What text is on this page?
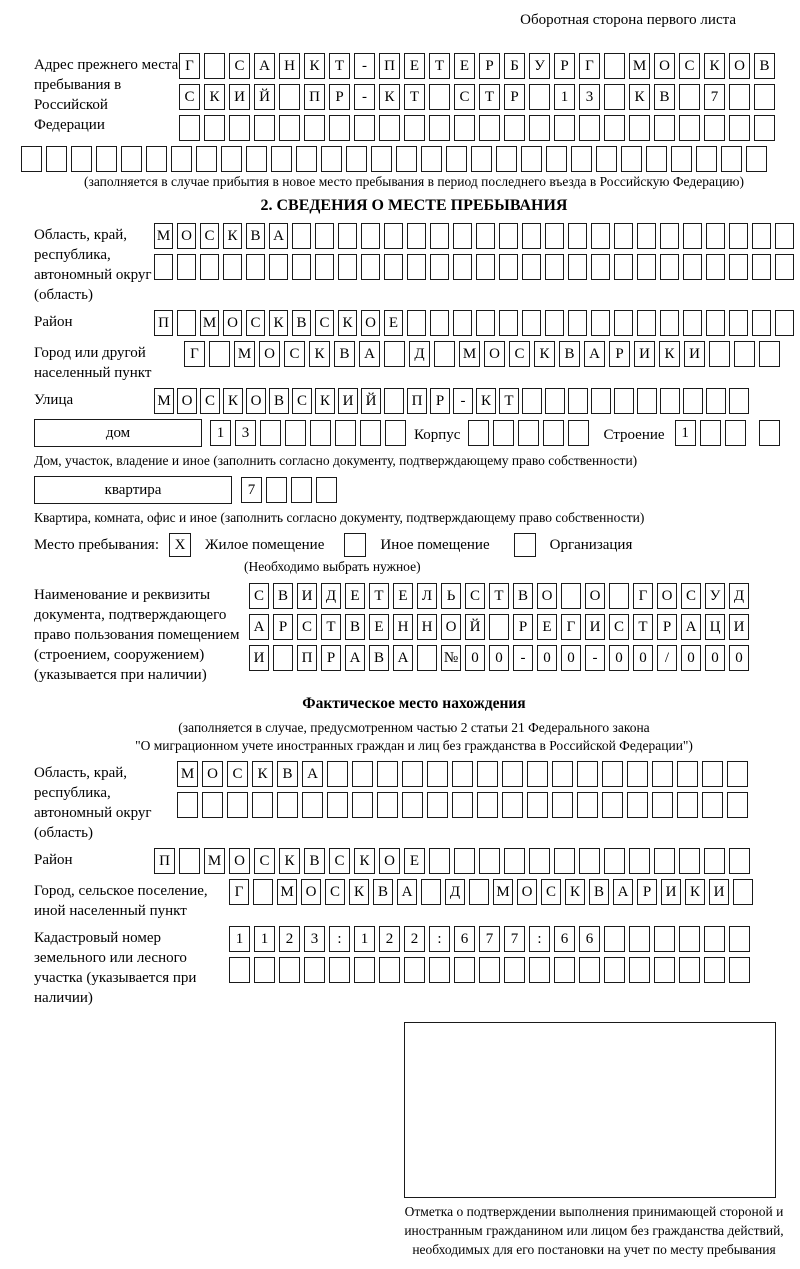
Оборотная сторона первого листа
Адрес прежнего места пребывания в Российской Федерации
Г	С А Н К	Т	-	П Е	Т	Е	Р	Б	У	Р	Г	М О С К О В
С К И Й	П	Р	-	К	Т	С	Т	Р	1	3	К В	7
(заполняется в случае прибытия в новое место пребывания в период последнего въезда в Российскую Федерацию)
2. СВЕДЕНИЯ О МЕСТЕ ПРЕБЫВАНИЯ
Область, край, республика, автономный округ (область)
М О С К В А
Район	П М О С К В С К О Е
Город или другой населенный пункт
Г	М О С К В А	Д	М О С К В А	Р	И К И
Улица	М О С К О В С К И Й	П Р	-	К Т
дом	1	3	Корпус	Строение	1
Дом, участок, владение и иное (заполнить согласно документу, подтверждающему право собственности)
квартира	7
Квартира, комната, офис и иное (заполнить согласно документу, подтверждающему право собственности)
Место пребывания:	X	Жилое помещение	Иное помещение	Организация
(Необходимо выбрать нужное)
Наименование и реквизиты документа, подтверждающего право пользования помещением (строением, сооружением) (указывается при наличии)
С В И Д Е Т Е Л Ь С Т В О	О	Г О С У Д
А Р С Т В Е Н Н О Й	Р	Е	Г И С Т	Р А Ц И
И	П Р А В А	№ 0	0	-	0	0	-	0	0	/	0	0	0
Фактическое место нахождения
(заполняется в случае, предусмотренном частью 2 статьи 21 Федерального закона
"О миграционном учете иностранных граждан и лиц без гражданства в Российской Федерации")
Область, край, республика, автономный округ (область)
М О С К В А
Район	П	М О С К В С К О Е
Город, сельское поселение, иной населенный пункт
Г	М О С К В А	Д	М О С К В А Р И К И
Кадастровый номер земельного или лесного участка (указывается при наличии)
1	1	2	3	:	1	2	2	:	6	7	7	:	6	6
Отметка о подтверждении выполнения принимающей стороной и иностранным гражданином или лицом без гражданства действий, необходимых для его постановки на учет по месту пребывания
